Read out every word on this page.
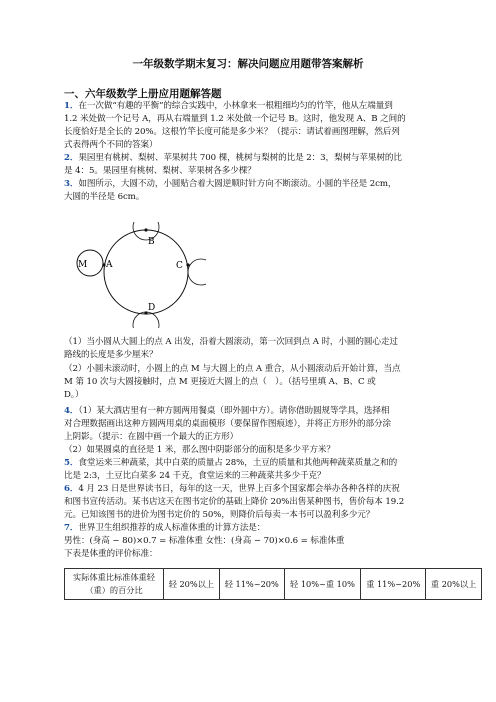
一年级数学期末复习：解决问题应用题带答案解析
一、六年级数学上册应用题解答题
1．在一次做“有趣的平衡”的综合实践中，小林拿来一根粗细均匀的竹竿，他从左端量到
1.2 米处做一个记号 A，再从右端量到 1.2 米处做一个记号 B。这时，他发现 A、B 之间的
长度恰好是全长的 20%。这根竹竿长度可能是多少米？（提示：请试着画图理解，然后列
式表得两个不同的答案）
2．果园里有桃树、梨树、苹果树共 700 棵，桃树与梨树的比是 2：3，梨树与苹果树的比
是 4：5。果园里有桃树、梨树、苹果树各多少棵？
3．如图所示，大圆不动，小圆贴合着大圆逆顺时针方向不断滚动。小圆的半径是 2cm，
大圆的半径是 6cm。
M A
B
C
D
（1）当小圆从大圆上的点 A 出发，沿着大圆滚动，第一次回到点 A 时，小圆的圆心走过
路线的长度是多少厘米？
（2）小圆未滚动时，小圆上的点 M 与大圆上的点 A 重合，从小圆滚动后开始计算，当点
M 第 10 次与大圆接触时，点 M 更接近大圆上的点（　）。（括号里填 A、B、C 或
D。）
4．（1）某大酒店里有一种方圆两用餐桌（即外圆中方）。请你借助圆规等学具，选择相
对合理数据画出这种方圆两用桌的桌面模形（要保留作图痕迹），并将正方形外的部分涂
上阴影。（提示：在圆中画一个最大的正方形）
（2）如果圆桌的直径是 1 米，那么图中阴影部分的面积是多少平方米？
5．食堂运来三种蔬菜，其中白菜的质量占 28%，土豆的质量和其他两种蔬菜质量之和的
比是 2:3，土豆比白菜多 24 千克，食堂运来的三种蔬菜共多少千克？
6．4 月 23 日是世界读书日，每年的这一天，世界上百多个国家都会举办各种各样的庆祝
和图书宣传活动。某书店这天在图书定价的基础上降价 20%出售某种图书，售价每本 19.2
元。已知该图书的进价为图书定价的 50%，则降价后每卖一本书可以盈利多少元？
7．世界卫生组织推荐的成人标准体重的计算方法是：
男性：(身高 − 80)×0.7 = 标准体重 女性：(身高 − 70)×0.6 = 标准体重
下表是体重的评价标准：
实际体重比标准体重轻（重）的百分比	轻 20%以上	轻 11%~20%	轻 10%~重 10%	重 11%~20%	重 20%以上
